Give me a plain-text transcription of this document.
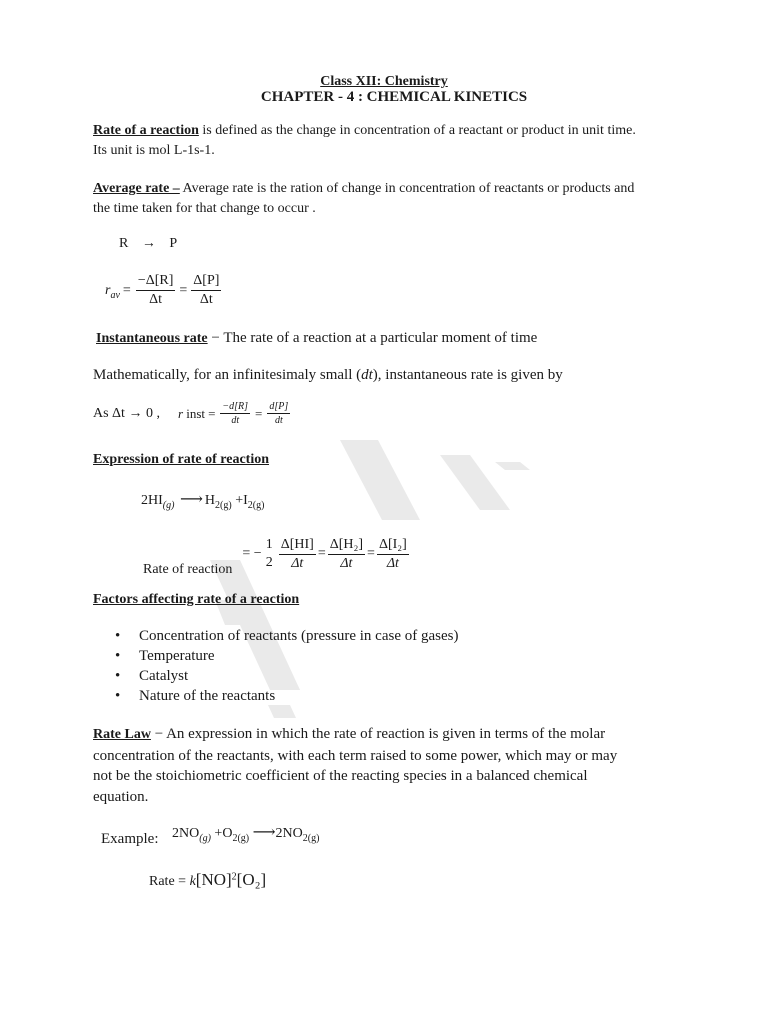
Class XII: Chemistry
CHAPTER - 4 : CHEMICAL KINETICS
Rate of a reaction is defined as the change in concentration of a reactant or product in unit time.
Its unit is mol L-1s-1.
Average rate – Average rate is the ration of change in concentration of reactants or products and
the time taken for that change to occur .
R → P
$r_{av} = \frac{-\Delta[R]}{\Delta t} = \frac{\Delta[P]}{\Delta t}$
Instantaneous rate − The rate of a reaction at a particular moment of time
Mathematically, for an infinitesimaly small (dt), instantaneous rate is given by
As Δt → 0 , r inst = $\frac{-d[R]}{dt} = \frac{d[P]}{dt}$
Expression of rate of reaction
$2HI_{(g)}$ ⟶ $H_{2(g)} +I_{2(g)}$
Rate of reaction
= −
1
$2 \frac{\Delta[HI]}{\Delta t} = \frac{\text{Δ[H₂]}}{\Delta t} = \frac{\text{Δ[I₂]}}{\Delta t}$
Factors affecting rate of a reaction
• Concentration of reactants (pressure in case of gases)
• Temperature
• Catalyst
• Nature of the reactants
Rate Law − An expression in which the rate of reaction is given in terms of the molar
concentration of the reactants, with each term raised to some power, which may or may
not be the stoichiometric coefficient of the reacting species in a balanced chemical
equation.
Example: $2NO_{(g)} +O_{2(g)}$ $⟶2NO_{2(g)}$
Rate = k[NO]$^2$[O₂]
